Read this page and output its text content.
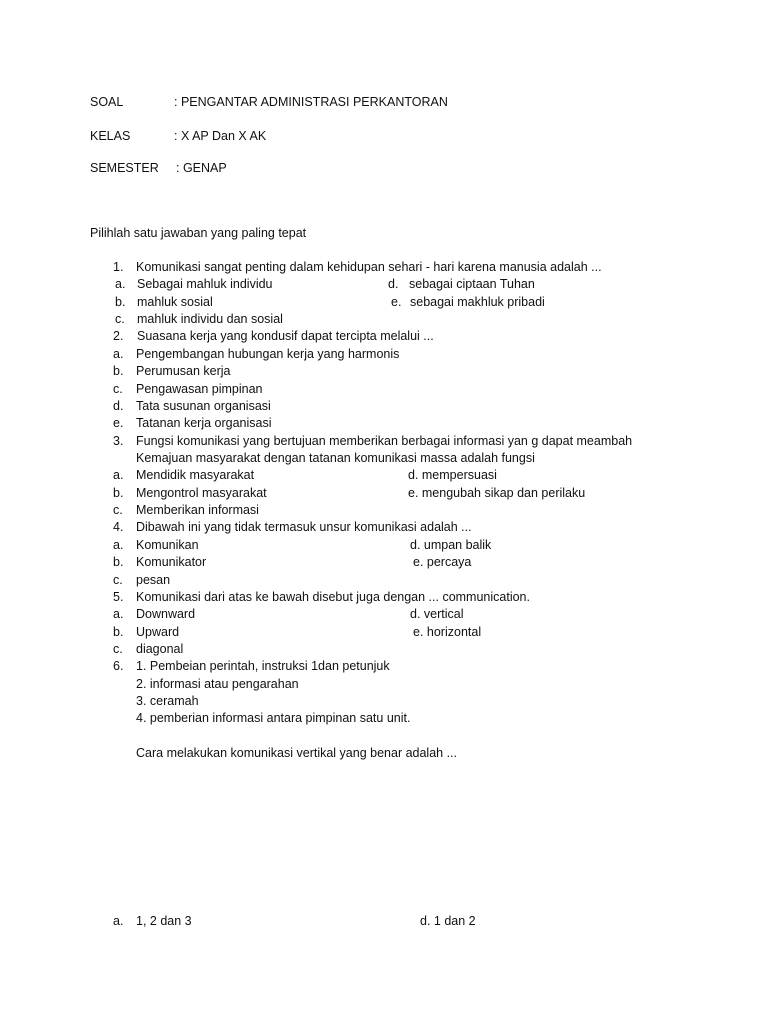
SOAL	: PENGANTAR ADMINISTRASI PERKANTORAN
KELAS	: X AP Dan X AK
SEMESTER : GENAP
Pilihlah satu jawaban yang paling tepat
1. Komunikasi sangat penting dalam kehidupan sehari - hari karena manusia adalah ...
a. Sebagai mahluk individu	d. sebagai ciptaan Tuhan
b. mahluk sosial	e. sebagai makhluk pribadi
c. mahluk individu dan sosial
2. Suasana kerja yang kondusif dapat tercipta melalui ...
a. Pengembangan hubungan kerja yang harmonis
b. Perumusan kerja
c. Pengawasan pimpinan
d. Tata susunan organisasi
e. Tatanan kerja organisasi
3. Fungsi komunikasi yang bertujuan memberikan berbagai informasi yan g dapat meambah
Kemajuan masyarakat dengan tatanan komunikasi massa adalah fungsi
a. Mendidik masyarakat	d. mempersuasi
b. Mengontrol masyarakat	e. mengubah sikap dan perilaku
c. Memberikan informasi
4. Dibawah ini yang tidak termasuk unsur komunikasi adalah ...
a. Komunikan	d. umpan balik
b. Komunikator	e. percaya
c. pesan
5. Komunikasi dari atas ke bawah disebut juga dengan ... communication.
a. Downward	d. vertical
b. Upward	e. horizontal
c. diagonal
6. 1. Pembeian perintah, instruksi 1dan petunjuk
2. informasi atau pengarahan
3. ceramah
4. pemberian informasi antara pimpinan satu unit.
Cara melakukan komunikasi vertikal yang benar adalah ...
a. 1, 2 dan 3	d. 1 dan 2
